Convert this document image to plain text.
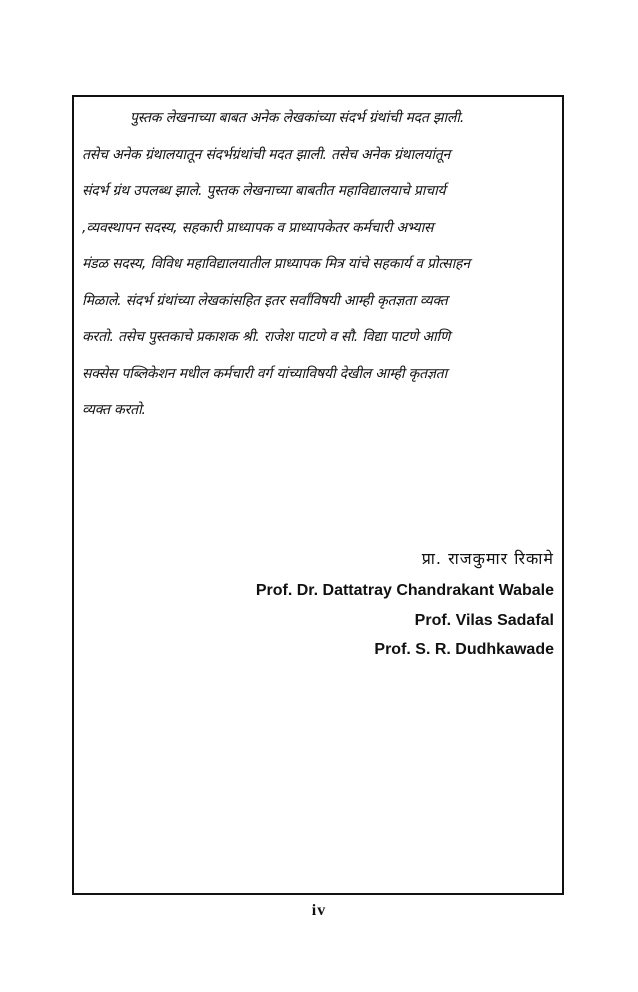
पुस्तक लेखनाच्या बाबत अनेक लेखकांच्या संदर्भ ग्रंथांची मदत झाली.
तसेच अनेक ग्रंथालयातून संदर्भग्रंथांची मदत झाली. तसेच अनेक ग्रंथालयांतून
संदर्भ ग्रंथ उपलब्ध झाले. पुस्तक लेखनाच्या बाबतीत महाविद्यालयाचे प्राचार्य
,व्यवस्थापन सदस्य, सहकारी प्राध्यापक व प्राध्यापकेतर कर्मचारी अभ्यास
मंडळ सदस्य, विविध महाविद्यालयातील प्राध्यापक मित्र यांचे सहकार्य व प्रोत्साहन
मिळाले. संदर्भ ग्रंथांच्या लेखकांसहित इतर सर्वांविषयी आम्ही कृतज्ञता व्यक्त
करतो. तसेच पुस्तकाचे प्रकाशक श्री. राजेश पाटणे व सौ. विद्या पाटणे आणि
सक्सेस पब्लिकेशन मधील कर्मचारी वर्ग यांच्याविषयी देखील आम्ही कृतज्ञता
व्यक्त करतो.
प्रा. राजकुमार रिकामे
Prof. Dr. Dattatray Chandrakant Wabale
Prof. Vilas Sadafal
Prof. S. R. Dudhkawade
iv
